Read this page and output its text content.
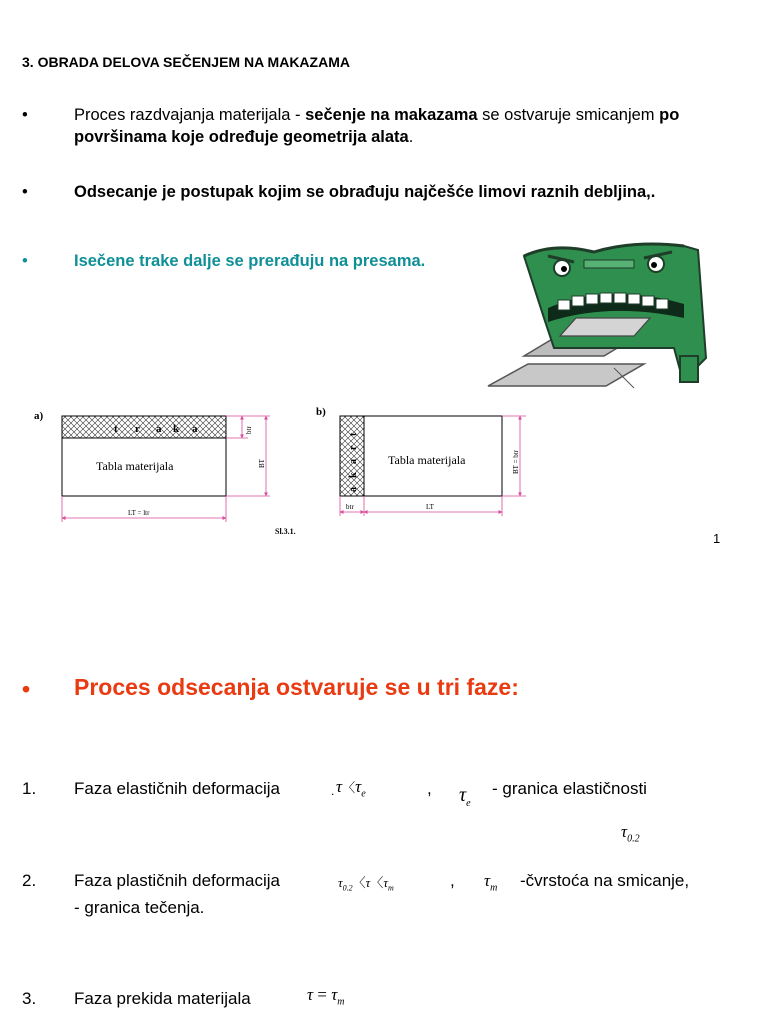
3. OBRADA DELOVA SEČENJEM NA MAKAZAMA
•	Proces razdvajanja materijala - sečenje na makazama se ostvaruje smicanjem po površinama koje određuje geometrija alata.
•	Odsecanje je postupak kojim se obrađuju najčešće limovi raznih debljina,.
•	Isečene trake dalje se prerađuju na presama.
a)
t r a k a
Tabla materijala
btr
BT
LT = ltr
b)
t
r
a
k
a
Tabla materijala	BT = btr
btr	LT
Sl.3.1.	1
• Proces odsecanja ostvaruje se u tri faze:
1. Faza elastičnih deformacija	. τ〈$\tau_e$	, $\tau_e$
- granica elastičnosti
$\tau_{0.2}$
2. Faza plastičnih deformacija	$\tau_{0.2}$〈τ〈$\tau_m$	, $\tau_m$ -čvrstoća na smicanje,
- granica tečenja.
3. Faza prekida materijala	$\tau = \tau_m$
